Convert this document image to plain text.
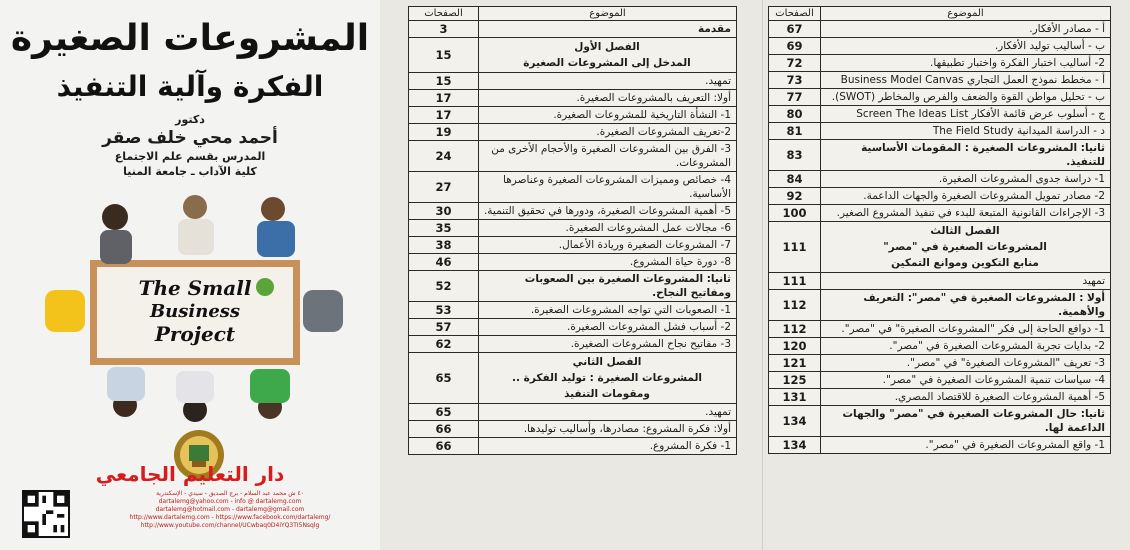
المشروعات الصغيرة
الفكرة وآلية التنفيذ
دكتور
أحمد محي خلف صقر
المدرس بقسم علم الاجتماع
كلية الآداب ـ جامعة المنيا
The Small
Business
Project
دار التعليم الجامعي
٤٠ ش محمد عبد السلام - برج الصديق - سيدي - الإسكندرية
dartalemg@yahoo.com - info @ dartalemg.com
dartalemg@hotmail.com - dartalemg@gmail.com
http://www.dartalemg.com - https://www.facebook.com/dartalemg/
http://www.youtube.com/channel/UCwbaq0D4iYQ3TI5Nsqlg
الموضوع	الصفحات
مقدمة	3

الفصل الأول
المدخل إلى المشروعات الصغيرة	15
تمهيد.	15
أولا: التعريف بالمشروعات الصغيرة.	17
1- النشأة التاريخية للمشروعات الصغيرة.	17
2-تعريف المشروعات الصغيرة.	19
3- الفرق بين المشروعات الصغيرة والأحجام الأخرى من المشروعات.	24
4- خصائص ومميزات المشروعات الصغيرة وعناصرها الأساسية.	27
5- أهمية المشروعات الصغيرة، ودورها في تحقيق التنمية.	30
6- مجالات عمل المشروعات الصغيرة.	35
7- المشروعات الصغيرة وريادة الأعمال.	38
8- دورة حياة المشروع.	46
ثانيا: المشروعات الصغيرة بين الصعوبات ومفاتيح النجاح.	52
1- الصعوبات التي تواجه المشروعات الصغيرة.	53
2- أسباب فشل المشروعات الصغيرة.	57
3- مفاتيح نجاح المشروعات الصغيرة.	62

الفصل الثاني
المشروعات الصغيرة : توليد الفكرة ..
ومقومات التنفيذ	65
تمهيد.	65
أولا: فكرة المشروع: مصادرها، وأساليب توليدها.	66
1- فكرة المشروع.	66
الموضوع	الصفحات
أ - مصادر الأفكار.	67
ب - أساليب توليد الأفكار.	69
2- أساليب اختبار الفكرة واختبار تطبيقها.	72
أ - مخطط نموذج العمل التجاري Business Model Canvas	73
ب - تحليل مواطن القوة والضعف والفرص والمخاطر (SWOT).	77
ج - أسلوب عرض قائمة الأفكار Screen The Ideas List	80
د - الدراسة الميدانية The Field Study	81
ثانيا: المشروعات الصغيرة : المقومات الأساسية للتنفيذ.	83
1- دراسة جدوى المشروعات الصغيرة.	84
2- مصادر تمويل المشروعات الصغيرة والجهات الداعمة.	92
3- الإجراءات القانونية المتبعة للبدء في تنفيذ المشروع الصغير.	100

الفصل الثالث
المشروعات الصغيرة في "مصر"
منابع التكوين وموانع التمكين	111
تمهيد	111
أولا : المشروعات الصغيرة في "مصر": التعريف والأهمية.	112
1- دوافع الحاجة إلى فكر "المشروعات الصغيرة" في "مصر".	112
2- بدايات تجربة المشروعات الصغيرة في "مصر".	120
3- تعريف "المشروعات الصغيرة" في "مصر".	121
4- سياسات تنمية المشروعات الصغيرة في "مصر".	125
5- أهمية المشروعات الصغيرة للاقتصاد المصري.	131
ثانيا: حال المشروعات الصغيرة في "مصر" والجهات الداعمة لها.	134
1- واقع المشروعات الصغيرة في "مصر".	134
